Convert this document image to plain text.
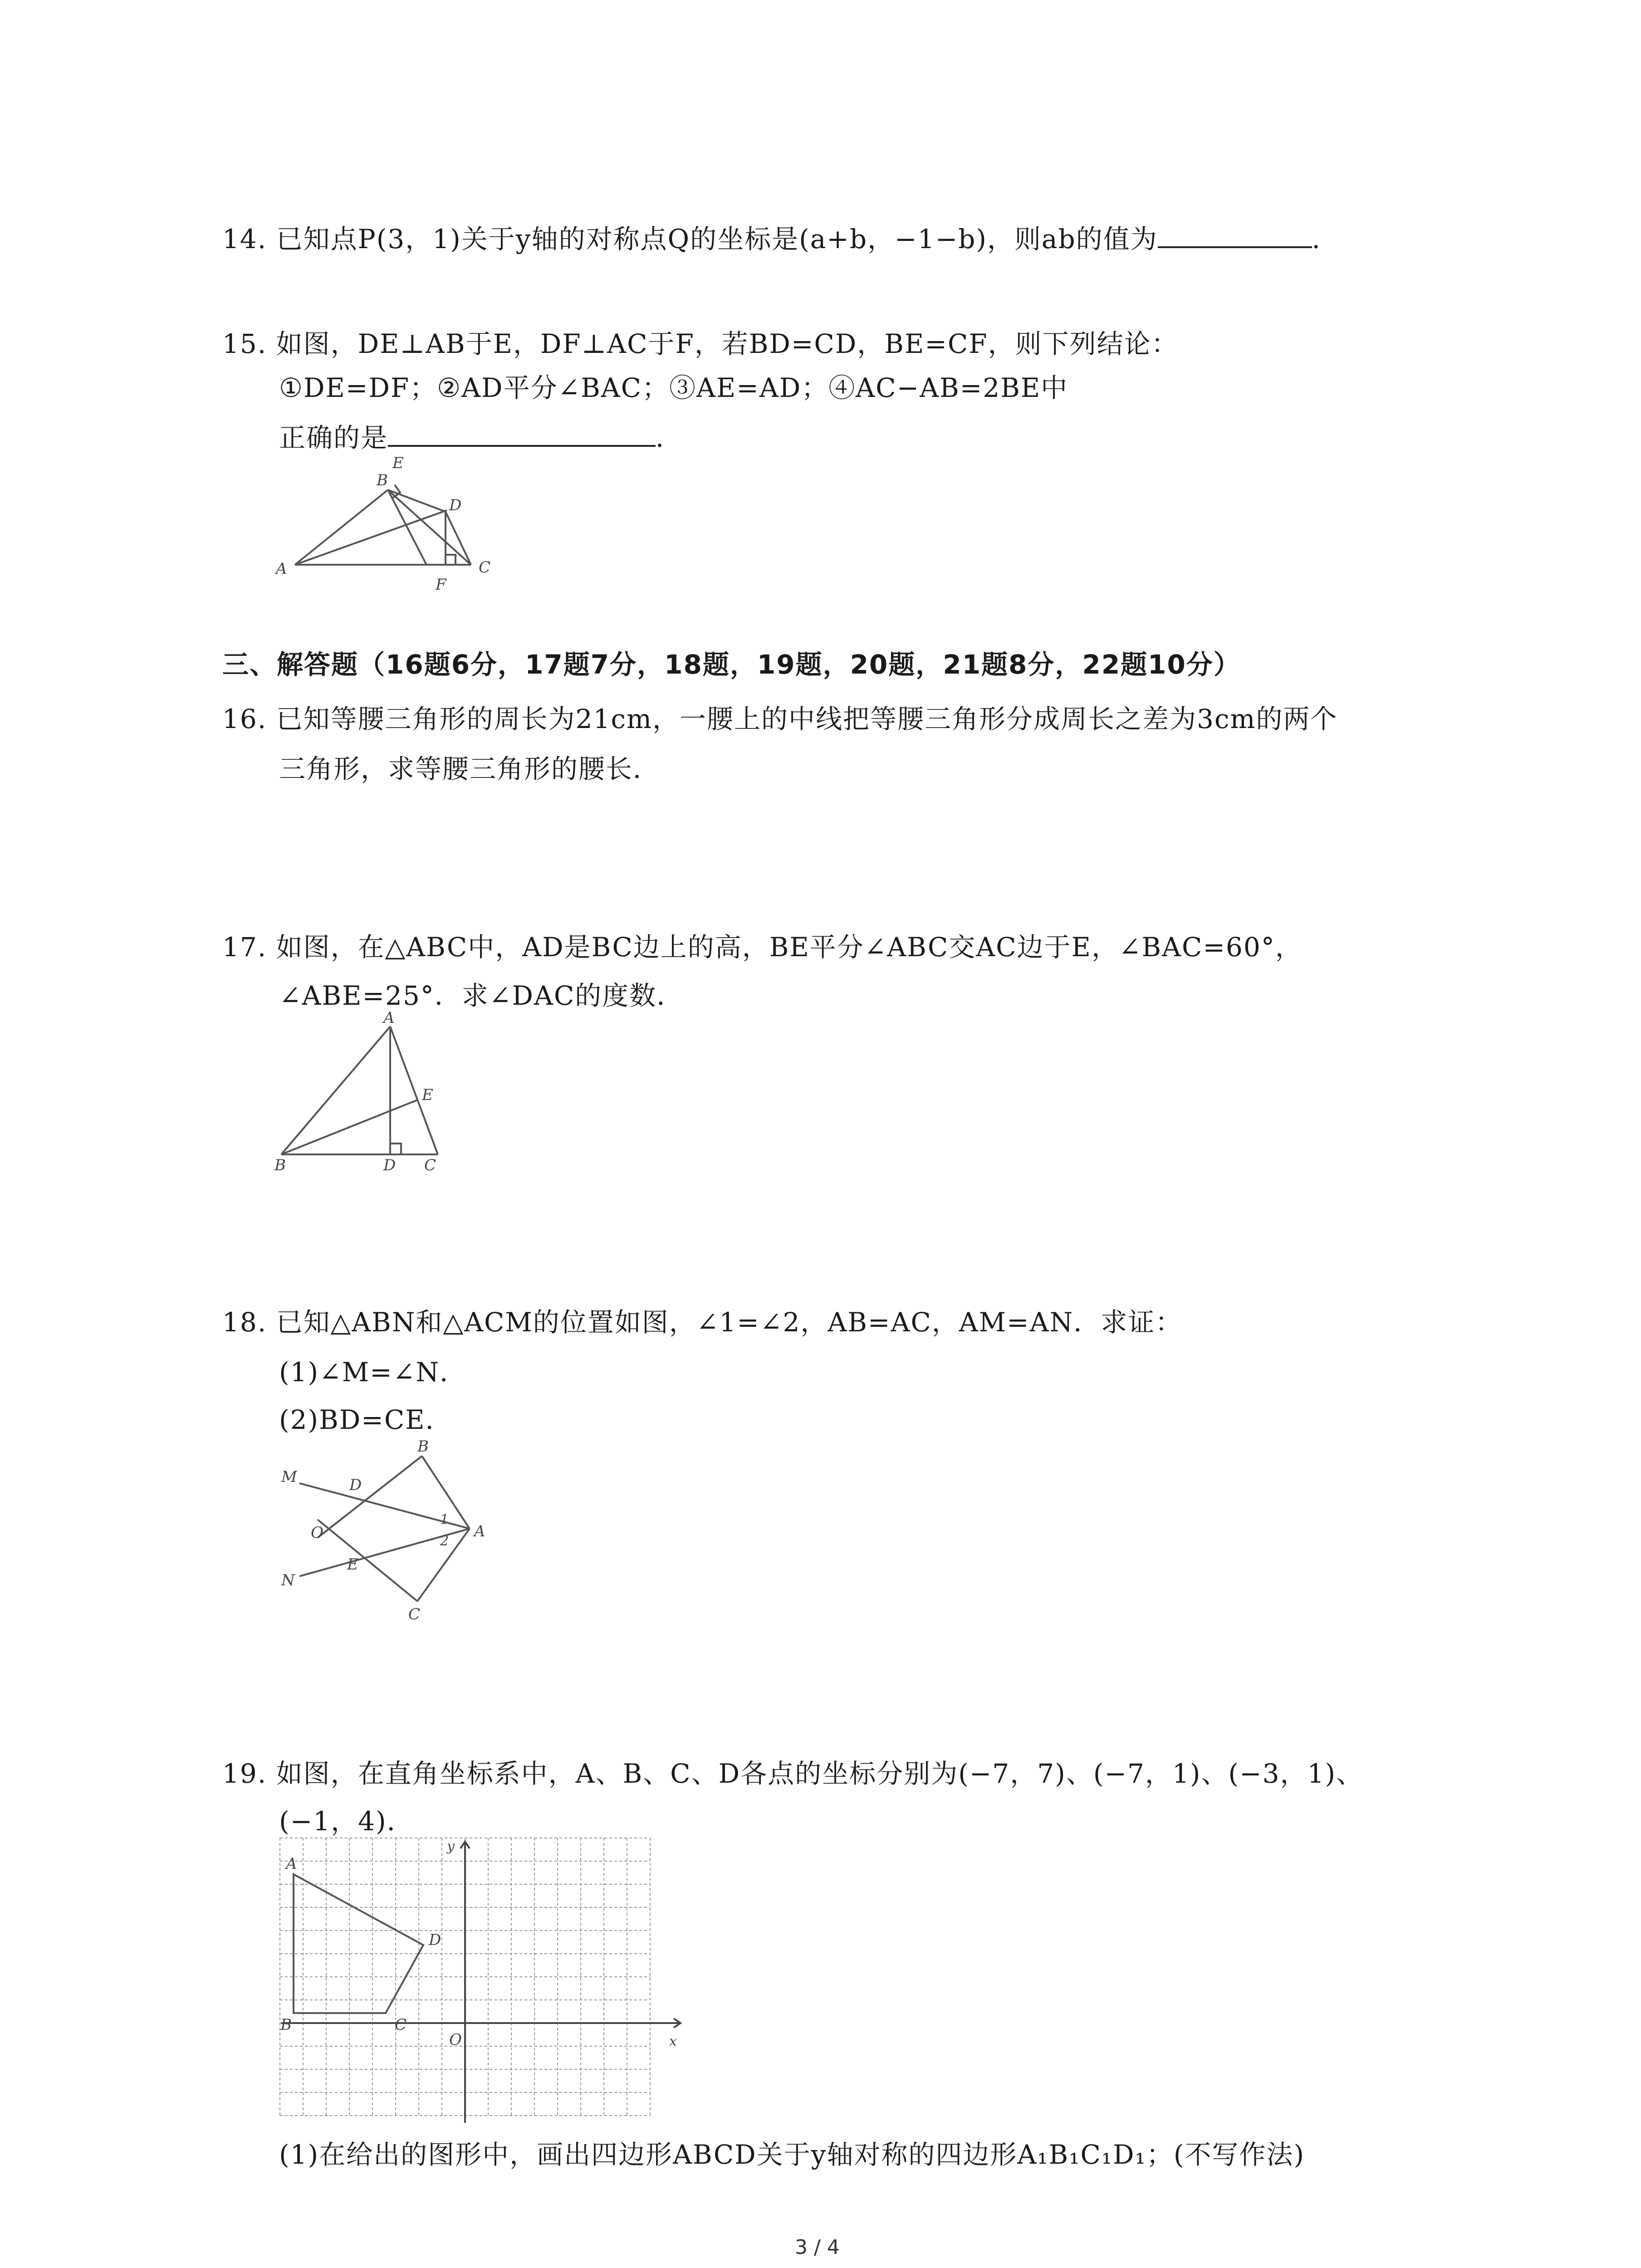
14. 已知点P(3，1)关于y轴的对称点Q的坐标是(a+b，−1−b)，则ab的值为	．
15. 如图，DE⊥AB于E，DF⊥AC于F，若BD=CD，BE=CF，则下列结论：
①DE=DF；②AD平分∠BAC；③AE=AD；④AC−AB=2BE中
正确的是	．
A
B
E
D
F
C
三、解答题（16题6分，17题7分，18题，19题，20题，21题8分，22题10分）
16. 已知等腰三角形的周长为21cm，一腰上的中线把等腰三角形分成周长之差为3cm的两个
三角形，求等腰三角形的腰长．
17. 如图，在△ABC中，AD是BC边上的高，BE平分∠ABC交AC边于E，∠BAC=60°，
∠ABE=25°．求∠DAC的度数．
A
E
B	D C
18. 已知△ABN和△ACM的位置如图，∠1=∠2，AB=AC，AM=AN．求证：
(1)∠M=∠N．
(2)BD=CE．
B
M	D
O
1
2
A
E
N
C
19. 如图，在直角坐标系中，A、B、C、D各点的坐标分别为(−7，7)、(−7，1)、(−3，1)、
(−1，4)．
A
B	C
D
O	x
y
(1)在给出的图形中，画出四边形ABCD关于y轴对称的四边形A₁B₁C₁D₁；(不写作法)
3 / 4
